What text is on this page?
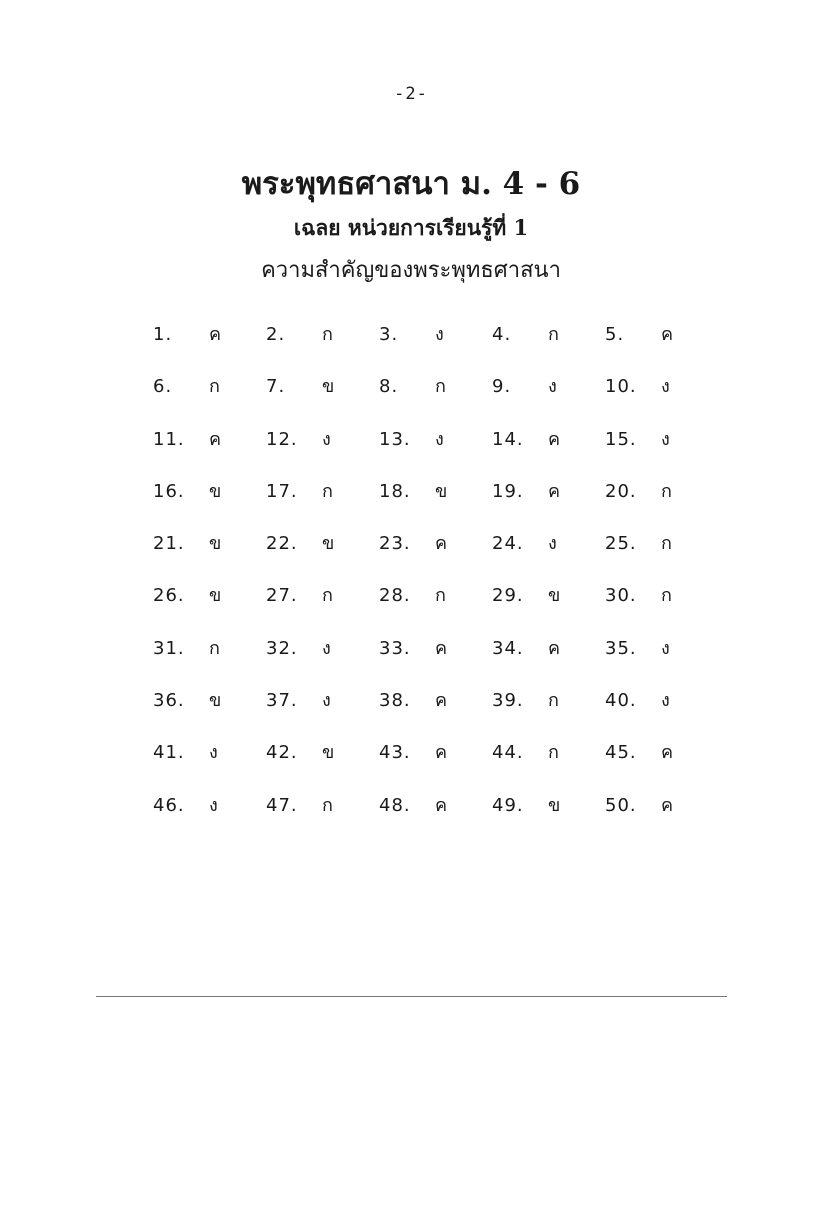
-2-
พระพุทธศาสนา ม. 4 - 6
เฉลย หน่วยการเรียนรู้ที่ 1
ความสำคัญของพระพุทธศาสนา
1. ค 2. ก	3. ง	4. ก	5. ค
6. ก	7. ข 8. ก	9. ง	10. ง
11. ค 12. ง	13. ง	14. ค 15. ง
16. ข 17. ก	18. ข 19. ค 20. ก
21. ข 22. ข 23. ค 24. ง	25. ก
26. ข 27. ก	28. ก	29. ข 30. ก
31. ก	32. ง	33. ค 34. ค 35. ง
36. ข 37. ง	38. ค 39. ก	40. ง
41. ง	42. ข 43. ค 44. ก	45. ค
46. ง	47. ก	48. ค 49. ข 50. ค
